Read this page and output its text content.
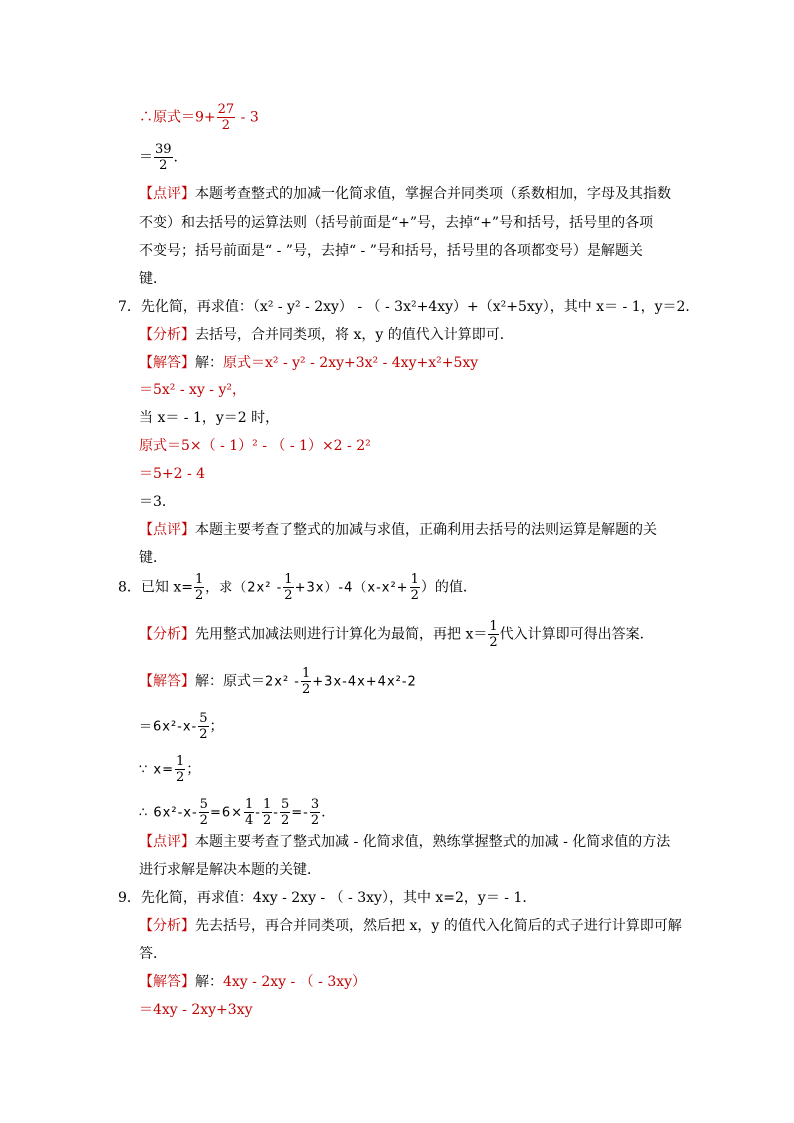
∴原式$=9+ \frac{27}{2} - 3$
＝ $\frac{39}{2}$ .
【点评】本题考查整式的加减一化简求值，掌握合并同类项（系数相加，字母及其指数
不变）和去括号的运算法则（括号前面是“+”号，去掉“+”号和括号，括号里的各项
不变号；括号前面是“ - ”号，去掉“ - ”号和括号，括号里的各项都变号）是解题关
键．
7．先化简，再求值：（x² - y² - 2xy） - （ - 3x²+4xy）+（x²+5xy），其中 x＝ - 1，y＝2．
【分析】去括号，合并同类项，将 x，y 的值代入计算即可．
【解答】解：原式＝x² - y² - 2xy+3x² - 4xy+x²+5xy
＝5x² - xy - y²，
当 x＝ - 1，y＝2 时，
原式＝5×（ - 1）² - （ - 1）×2 - 2²
＝5+2 - 4
＝3．
【点评】本题主要考查了整式的加减与求值，正确利用去括号的法则运算是解题的关
键．
8．已知 $x= \frac{1}{2}$ ，求$(2x^2 - \frac{1}{2} +3x)-4(x-x^2+ \frac{1}{2}$ ）的值．
【分析】先用整式加减法则进行计算化为最简，再把 $x= \frac{1}{2}$ 代入计算即可得出答案．
【解答】解：原式$=2x^2 - \frac{1}{2} +3x-4x+4x^2-2$
$=6x^2-x- \frac{5}{2}$ ；
∵ $x= \frac{1}{2}$ ；
∴ $6x^2-x- \frac{5}{2} =6\times \frac{1}{4} - \frac{1}{2} - \frac{5}{2} =- \frac{3}{2}$ .
【点评】本题主要考查了整式加减 - 化简求值，熟练掌握整式的加减 - 化简求值的方法
进行求解是解决本题的关键．
9．先化简，再求值：4xy - 2xy - （ - 3xy），其中 x=2，y＝ - 1．
【分析】先去括号，再合并同类项，然后把 x，y 的值代入化简后的式子进行计算即可解
答．
【解答】解：4xy - 2xy - （ - 3xy）
＝4xy - 2xy+3xy
